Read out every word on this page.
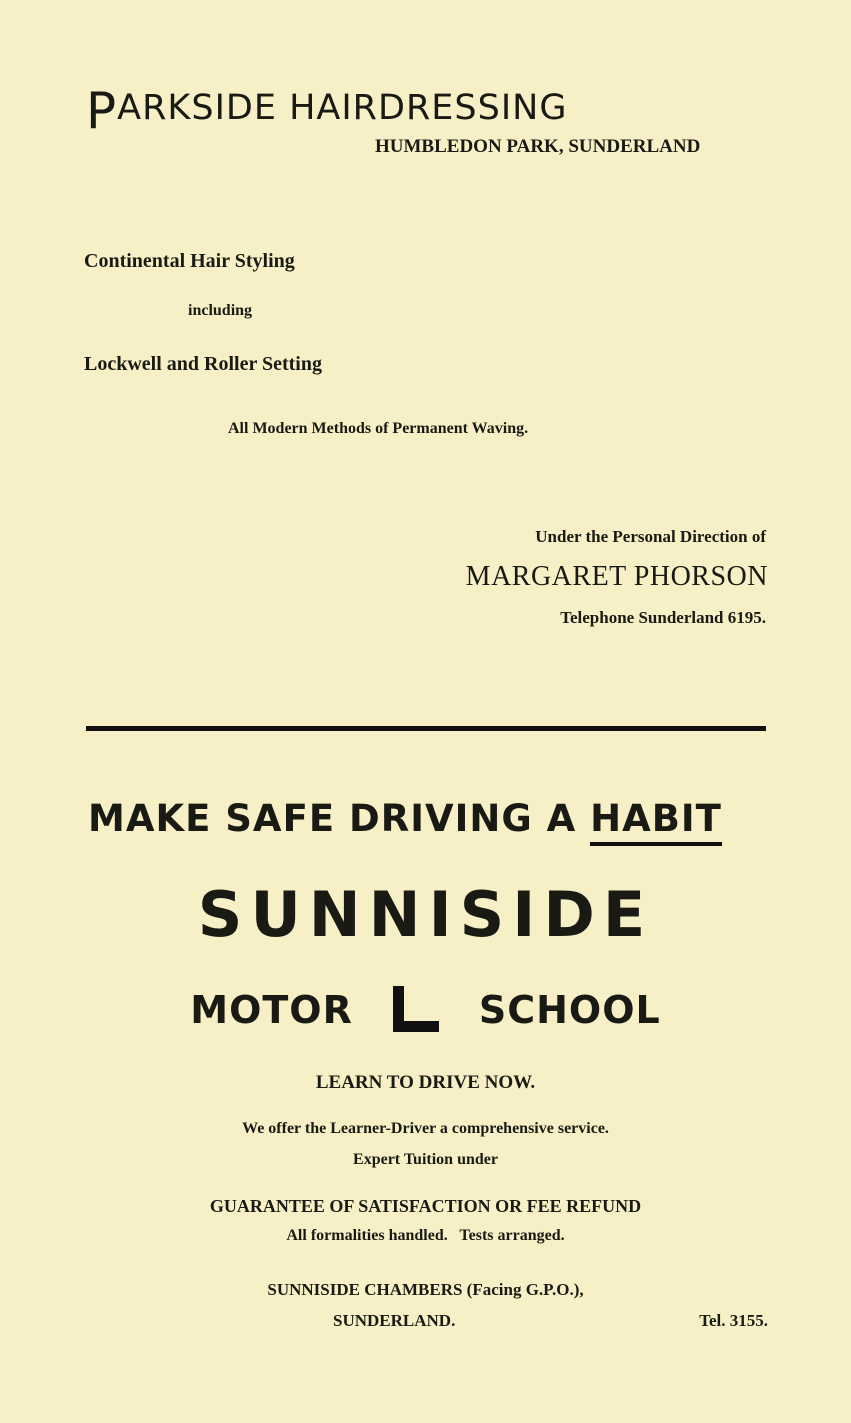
PARKSIDE HAIRDRESSING
HUMBLEDON PARK, SUNDERLAND
Continental Hair Styling
including
Lockwell and Roller Setting
All Modern Methods of Permanent Waving.
Under the Personal Direction of
MARGARET PHORSON
Telephone Sunderland 6195.
MAKE SAFE DRIVING A HABIT
SUNNISIDE
MOTOR	SCHOOL
LEARN TO DRIVE NOW.
We offer the Learner-Driver a comprehensive service.
Expert Tuition under
GUARANTEE OF SATISFACTION OR FEE REFUND
All formalities handled.   Tests arranged.
SUNNISIDE CHAMBERS (Facing G.P.O.),
SUNDERLAND.	Tel. 3155.
